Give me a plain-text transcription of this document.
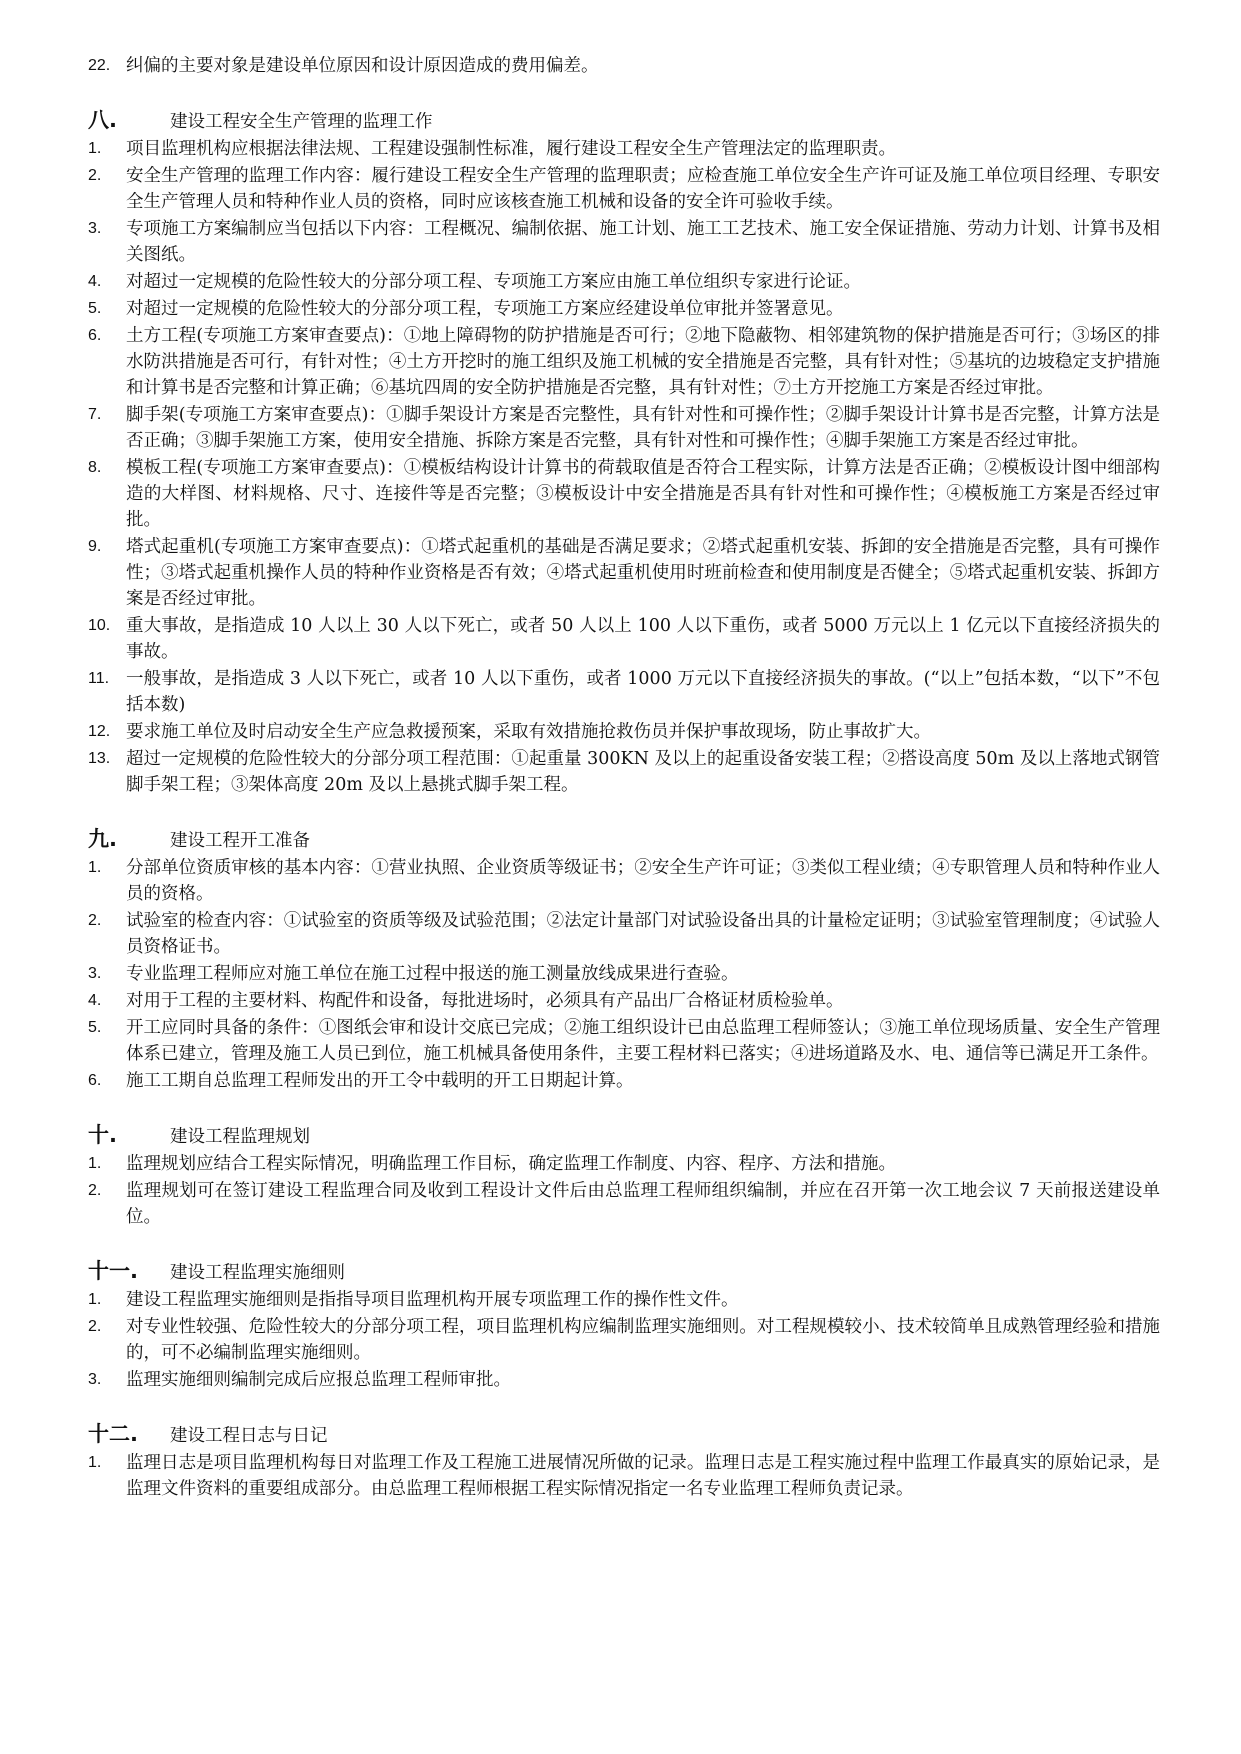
22. 纠偏的主要对象是建设单位原因和设计原因造成的费用偏差。
八.	建设工程安全生产管理的监理工作
1.	项目监理机构应根据法律法规、工程建设强制性标准，履行建设工程安全生产管理法定的监理职责。
2.	安全生产管理的监理工作内容：履行建设工程安全生产管理的监理职责；应检查施工单位安全生产许可证及施工单位项目经理、专职安全生产管理人员和特种作业人员的资格，同时应该核查施工机械和设备的安全许可验收手续。
3.	专项施工方案编制应当包括以下内容：工程概况、编制依据、施工计划、施工工艺技术、施工安全保证措施、劳动力计划、计算书及相关图纸。
4.	对超过一定规模的危险性较大的分部分项工程、专项施工方案应由施工单位组织专家进行论证。
5.	对超过一定规模的危险性较大的分部分项工程，专项施工方案应经建设单位审批并签署意见。
6.	土方工程(专项施工方案审查要点)：①地上障碍物的防护措施是否可行；②地下隐蔽物、相邻建筑物的保护措施是否可行；③场区的排水防洪措施是否可行，有针对性；④土方开挖时的施工组织及施工机械的安全措施是否完整，具有针对性；⑤基坑的边坡稳定支护措施和计算书是否完整和计算正确；⑥基坑四周的安全防护措施是否完整，具有针对性；⑦土方开挖施工方案是否经过审批。
7.	脚手架(专项施工方案审查要点)：①脚手架设计方案是否完整性，具有针对性和可操作性；②脚手架设计计算书是否完整，计算方法是否正确；③脚手架施工方案，使用安全措施、拆除方案是否完整，具有针对性和可操作性；④脚手架施工方案是否经过审批。
8.	模板工程(专项施工方案审查要点)：①模板结构设计计算书的荷载取值是否符合工程实际，计算方法是否正确；②模板设计图中细部构造的大样图、材料规格、尺寸、连接件等是否完整；③模板设计中安全措施是否具有针对性和可操作性；④模板施工方案是否经过审批。
9.	塔式起重机(专项施工方案审查要点)：①塔式起重机的基础是否满足要求；②塔式起重机安装、拆卸的安全措施是否完整，具有可操作性；③塔式起重机操作人员的特种作业资格是否有效；④塔式起重机使用时班前检查和使用制度是否健全；⑤塔式起重机安装、拆卸方案是否经过审批。
10. 重大事故，是指造成 10 人以上 30 人以下死亡，或者 50 人以上 100 人以下重伤，或者 5000 万元以上 1 亿元以下直接经济损失的事故。
11. 一般事故，是指造成 3 人以下死亡，或者 10 人以下重伤，或者 1000 万元以下直接经济损失的事故。(“以上”包括本数，“以下”不包括本数)
12. 要求施工单位及时启动安全生产应急救援预案，采取有效措施抢救伤员并保护事故现场，防止事故扩大。
13. 超过一定规模的危险性较大的分部分项工程范围：①起重量 300KN 及以上的起重设备安装工程；②搭设高度 50m 及以上落地式钢管脚手架工程；③架体高度 20m 及以上悬挑式脚手架工程。
九.	建设工程开工准备
1.	分部单位资质审核的基本内容：①营业执照、企业资质等级证书；②安全生产许可证；③类似工程业绩；④专职管理人员和特种作业人员的资格。
2.	试验室的检查内容：①试验室的资质等级及试验范围；②法定计量部门对试验设备出具的计量检定证明；③试验室管理制度；④试验人员资格证书。
3.	专业监理工程师应对施工单位在施工过程中报送的施工测量放线成果进行查验。
4.	对用于工程的主要材料、构配件和设备，每批进场时，必须具有产品出厂合格证材质检验单。
5.	开工应同时具备的条件：①图纸会审和设计交底已完成；②施工组织设计已由总监理工程师签认；③施工单位现场质量、安全生产管理体系已建立，管理及施工人员已到位，施工机械具备使用条件，主要工程材料已落实；④进场道路及水、电、通信等已满足开工条件。
6.	施工工期自总监理工程师发出的开工令中载明的开工日期起计算。
十.	建设工程监理规划
1.	监理规划应结合工程实际情况，明确监理工作目标，确定监理工作制度、内容、程序、方法和措施。
2.	监理规划可在签订建设工程监理合同及收到工程设计文件后由总监理工程师组织编制，并应在召开第一次工地会议 7 天前报送建设单位。
十一.	建设工程监理实施细则
1.	建设工程监理实施细则是指指导项目监理机构开展专项监理工作的操作性文件。
2.	对专业性较强、危险性较大的分部分项工程，项目监理机构应编制监理实施细则。对工程规模较小、技术较简单且成熟管理经验和措施的，可不必编制监理实施细则。
3.	监理实施细则编制完成后应报总监理工程师审批。
十二.	建设工程日志与日记
1.	监理日志是项目监理机构每日对监理工作及工程施工进展情况所做的记录。监理日志是工程实施过程中监理工作最真实的原始记录，是监理文件资料的重要组成部分。由总监理工程师根据工程实际情况指定一名专业监理工程师负责记录。
